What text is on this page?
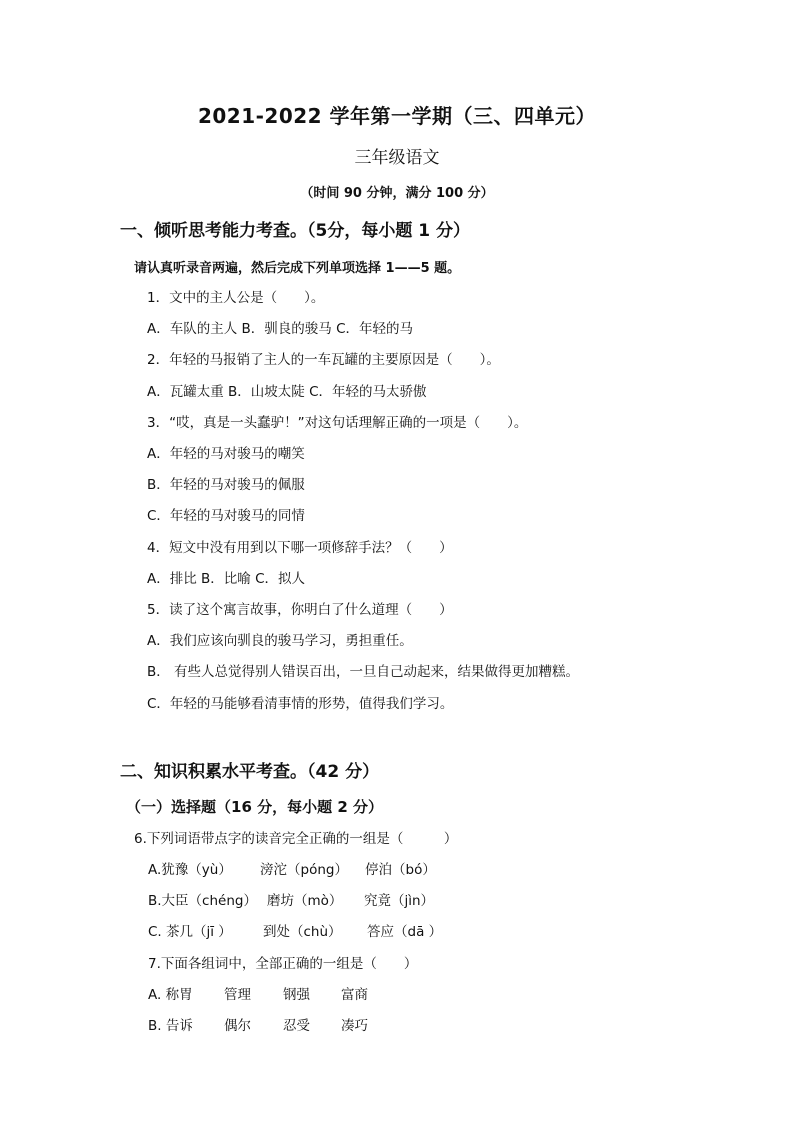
2021-2022 学年第一学期（三、四单元）
三年级语文
（时间 90 分钟，满分 100 分）
一、倾听思考能力考查。（5分，每小题 1 分）
请认真听录音两遍，然后完成下列单项选择 1——5 题。
1．文中的主人公是（　　）。
A．车队的主人 B．驯良的骏马 C．年轻的马
2．年轻的马报销了主人的一车瓦罐的主要原因是（　　）。
A．瓦罐太重 B．山坡太陡 C．年轻的马太骄傲
3．“哎，真是一头蠢驴！”对这句话理解正确的一项是（　　）。
A．年轻的马对骏马的嘲笑
B．年轻的马对骏马的佩服
C．年轻的马对骏马的同情
4．短文中没有用到以下哪一项修辞手法？（　　）
A．排比 B．比喻 C．拟人
5．读了这个寓言故事，你明白了什么道理（　　）
A．我们应该向驯良的骏马学习，勇担重任。
B． 有些人总觉得别人错误百出，一旦自己动起来，结果做得更加糟糕。
C．年轻的马能够看清事情的形势，值得我们学习。
二、知识积累水平考查。（42 分）
（一）选择题（16 分，每小题 2 分）
6.下列词语带点字的读音完全正确的一组是（　　　）
A.犹豫（yù） 滂沱（póng） 停泊（bó）
B.大臣（chéng） 磨坊（mò） 究竟（jìn）
C. 茶几（jī ） 到处（chù） 答应（dā ）
7.下面各组词中，全部正确的一组是（　　）
A. 称胃 管理 钢强 富商
B. 告诉 偶尔 忍受 凑巧
